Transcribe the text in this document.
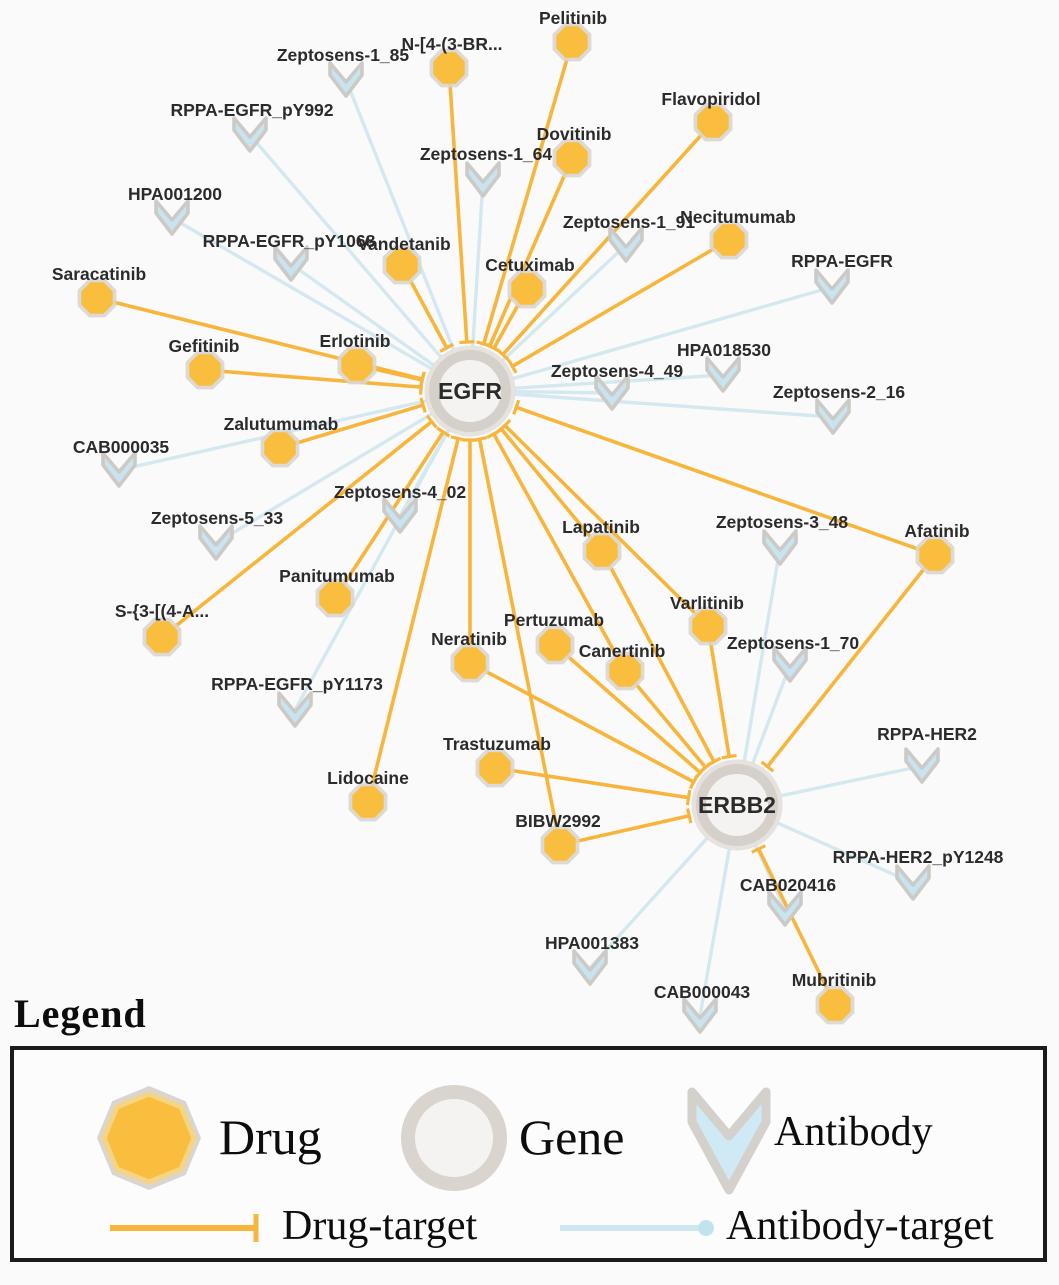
Zeptosens-1_85
RPPA-EGFR_pY992
HPA001200
RPPA-EGFR_pY1068
Zeptosens-1_64
Zeptosens-1_91
RPPA-EGFR
Zeptosens-4_49
HPA018530
Zeptosens-2_16
CAB000035
Zeptosens-5_33
Zeptosens-4_02
RPPA-EGFR_pY1173
Zeptosens-3_48
Zeptosens-1_70
RPPA-HER2
RPPA-HER2_pY1248
CAB020416
HPA001383
CAB000043
Pelitinib
N-[4-(3-BR...
Flavopiridol
Dovitinib
Vandetanib
Necitumumab
Cetuximab
Saracatinib
Gefitinib	Erlotinib
Zalutumumab
Panitumumab
S-{3-[(4-A...
Lapatinib	Afatinib
Varlitinib
Neratinib
Pertuzumab
Canertinib
Trastuzumab
Lidocaine
BIBW2992
Mubritinib
EGFR
ERBB2
Legend
Drug	Gene	Antibody
Drug-target	Antibody-target
